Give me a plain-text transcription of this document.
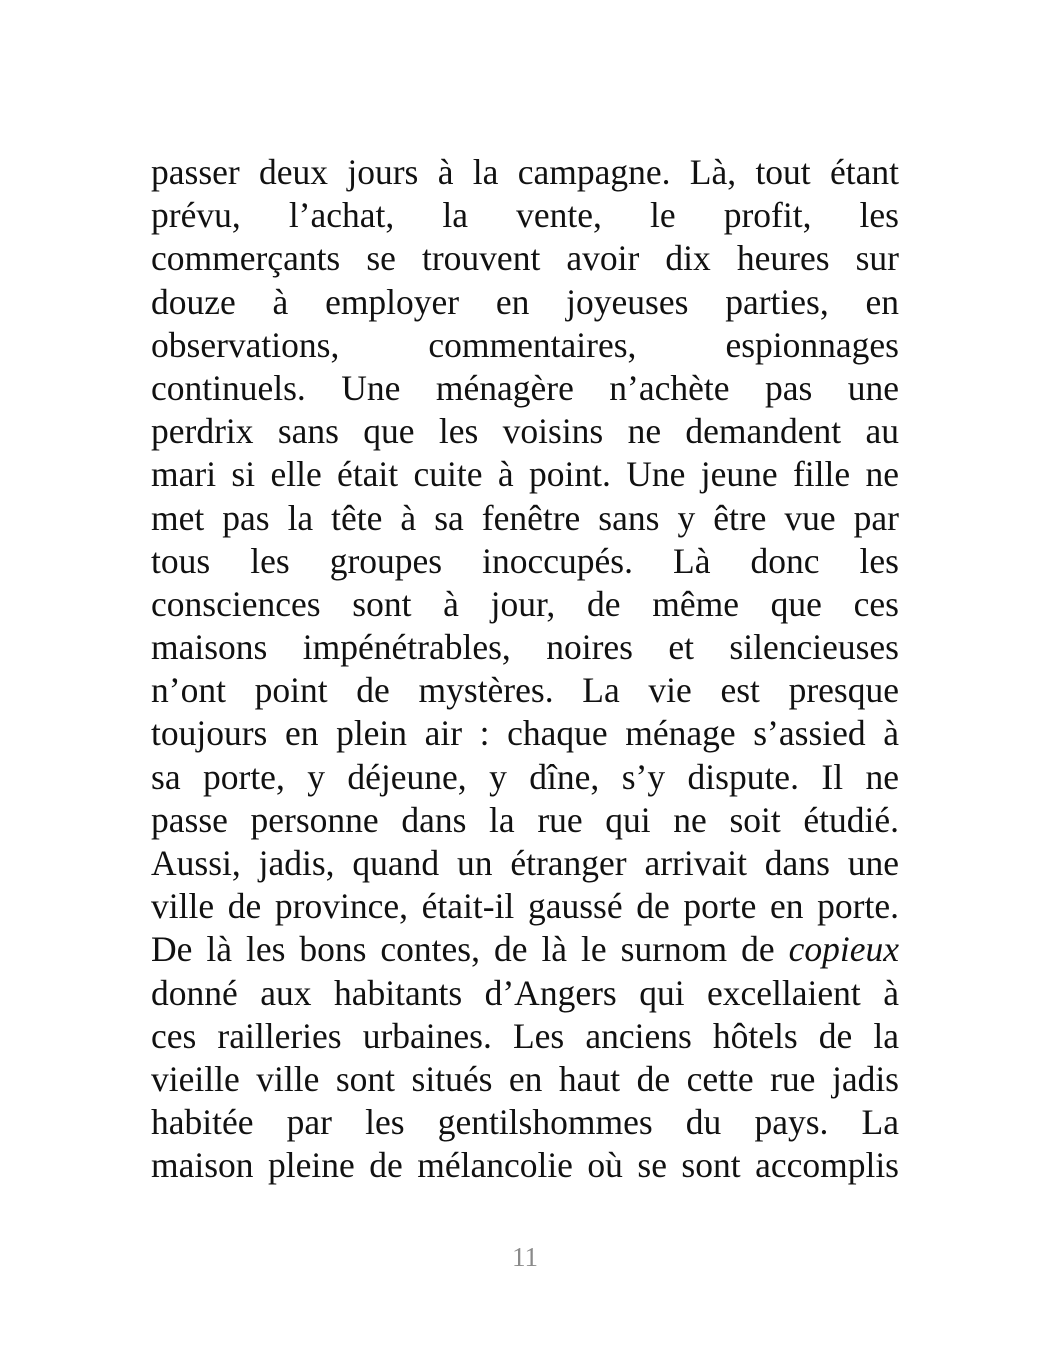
passer deux jours à la campagne. Là, tout étant
prévu, l’achat, la vente, le profit, les
commerçants se trouvent avoir dix heures sur
douze à employer en joyeuses parties, en
observations, commentaires, espionnages
continuels. Une ménagère n’achète pas une
perdrix sans que les voisins ne demandent au
mari si elle était cuite à point. Une jeune fille ne
met pas la tête à sa fenêtre sans y être vue par
tous les groupes inoccupés. Là donc les
consciences sont à jour, de même que ces
maisons impénétrables, noires et silencieuses
n’ont point de mystères. La vie est presque
toujours en plein air : chaque ménage s’assied à
sa porte, y déjeune, y dîne, s’y dispute. Il ne
passe personne dans la rue qui ne soit étudié.
Aussi, jadis, quand un étranger arrivait dans une
ville de province, était-il gaussé de porte en porte.
De là les bons contes, de là le surnom de copieux
donné aux habitants d’Angers qui excellaient à
ces railleries urbaines. Les anciens hôtels de la
vieille ville sont situés en haut de cette rue jadis
habitée par les gentilshommes du pays. La
maison pleine de mélancolie où se sont accomplis
11
